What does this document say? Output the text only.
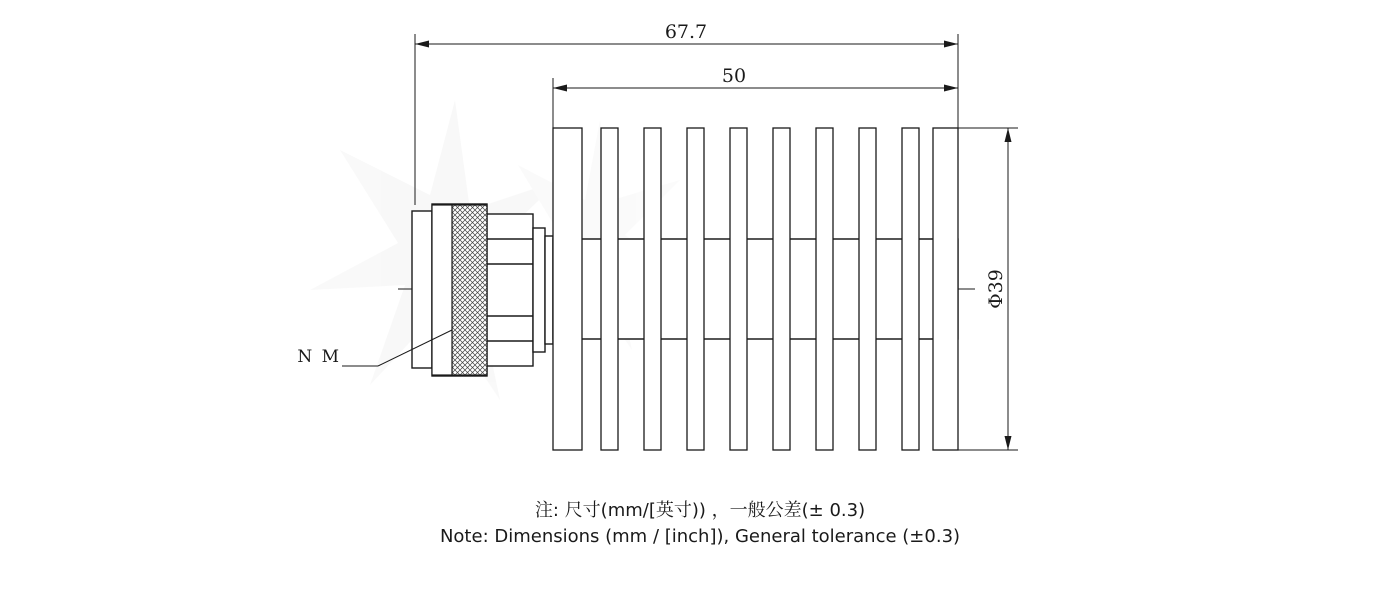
67.7
50
Φ39
N M
注: 尺寸(mm/[英寸)) ，一般公差(± 0.3)
Note: Dimensions (mm / [inch]), General tolerance (±0.3)
